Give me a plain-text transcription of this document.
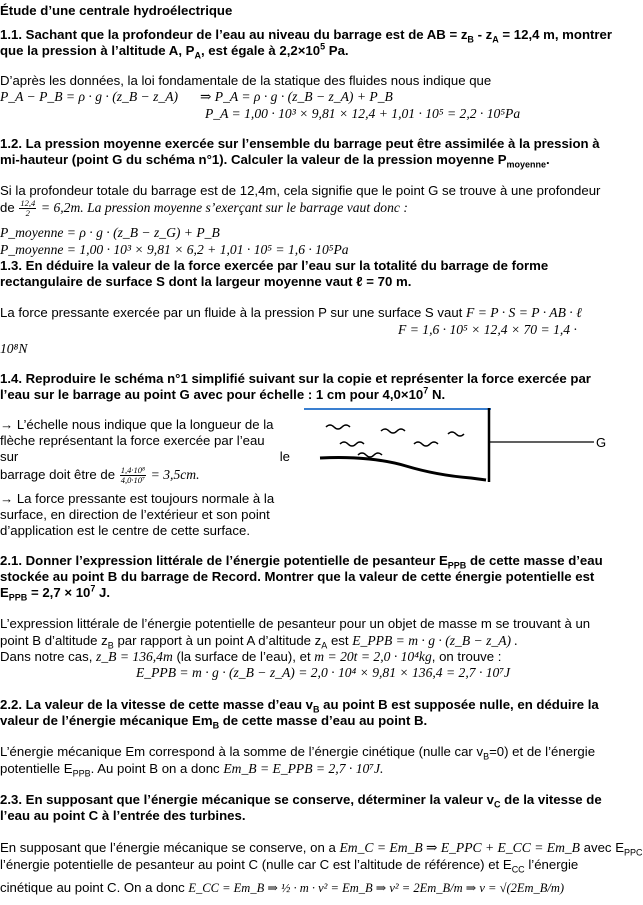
Étude d’une centrale hydroélectrique
1.1. Sachant que la profondeur de l’eau au niveau du barrage est de AB = $z_B - z_A = 12,4$ m, montrer
que la pression à l’altitude A, $P_A$, est égale à $2,2\times 10^5$ Pa.
D’après les données, la loi fondamentale de la statique des fluides nous indique que
P_A − P_B = ρ · g · (z_B − z_A) ⇒ P_A = ρ · g · (z_B − z_A) + P_B
P_A = 1,00 · 10³ × 9,81 × 12,4 + 1,01 · 10⁵ = 2,2 · 10⁵Pa
1.2. La pression moyenne exercée sur l’ensemble du barrage peut être assimilée à la pression à
mi-hauteur (point G du schéma n°1). Calculer la valeur de la pression moyenne $P_{moyenne}$.
Si la profondeur totale du barrage est de 12,4m, cela signifie que le point G se trouve à une profondeur
de $\frac{12,4}{2} = 6,2m$. La pression moyenne s’exerçant sur le barrage vaut donc :
P_moyenne = ρ · g · (z_B − z_G) + P_B
P_moyenne = 1,00 · 10³ × 9,81 × 6,2 + 1,01 · 10⁵ = 1,6 · 10⁵Pa
1.3. En déduire la valeur de la force exercée par l’eau sur la totalité du barrage de forme
rectangulaire de surface S dont la largeur moyenne vaut ℓ = 70 m.
La force pressante exercée par un fluide à la pression P sur une surface S vaut F = P · S = P · AB · ℓ
F = 1,6 · 10⁵ × 12,4 × 70 = 1,4 ·
10⁸N
1.4. Reproduire le schéma n°1 simplifié suivant sur la copie et représenter la force exercée par
l’eau sur le barrage au point G avec pour échelle : 1 cm pour $4,0\times 10^7$ N.
→ L’échelle nous indique que la longueur de la
flèche représentant la force exercée par l’eau
sur	le
barrage doit être de $\frac{\text{1,4·10⁸}}{\text{4,0·10⁷}} = 3,5cm$.
→ La force pressante est toujours normale à la
surface, en direction de l’extérieur et son point
d’application est le centre de cette surface.
G
2.1. Donner l’expression littérale de l’énergie potentielle de pesanteur $E_{PPB}$ de cette masse d’eau
stockée au point B du barrage de Record. Montrer que la valeur de cette énergie potentielle est
$E_{PPB} = 2,7 \times 10^7$ J.
L’expression littérale de l’énergie potentielle de pesanteur pour un objet de masse m se trouvant à un
point B d’altitude $z_B$ par rapport à un point A d’altitude $z_A$ est E_PPB = m · g · (z_B − z_A) .
Dans notre cas, z_B = 136,4m (la surface de l’eau), et m = 20t = 2,0 · 10⁴kg, on trouve :
E_PPB = m · g · (z_B − z_A) = 2,0 · 10⁴ × 9,81 × 136,4 = 2,7 · 10⁷J
2.2. La valeur de la vitesse de cette masse d’eau $v_B$ au point B est supposée nulle, en déduire la
valeur de l’énergie mécanique $Em_B$ de cette masse d’eau au point B.
L’énergie mécanique Em correspond à la somme de l’énergie cinétique (nulle car $v_B=0$) et de l’énergie
potentielle $E_{PPB}$. Au point B on a donc Em_B = E_PPB = 2,7 · 10⁷J.
2.3. En supposant que l’énergie mécanique se conserve, déterminer la valeur $v_C$ de la vitesse de
l’eau au point C à l’entrée des turbines.
En supposant que l’énergie mécanique se conserve, on a Em_C = Em_B ⇒ E_PPC + E_CC = Em_B avec $E_{PPC}$
l’énergie potentielle de pesanteur au point C (nulle car C est l’altitude de référence) et $E_{CC}$ l’énergie
cinétique au point C. On a donc E_CC = Em_B ⇒ ½ · m · v² = Em_B ⇒ v² = 2Em_B/m ⇒ v = √(2Em_B/m)
